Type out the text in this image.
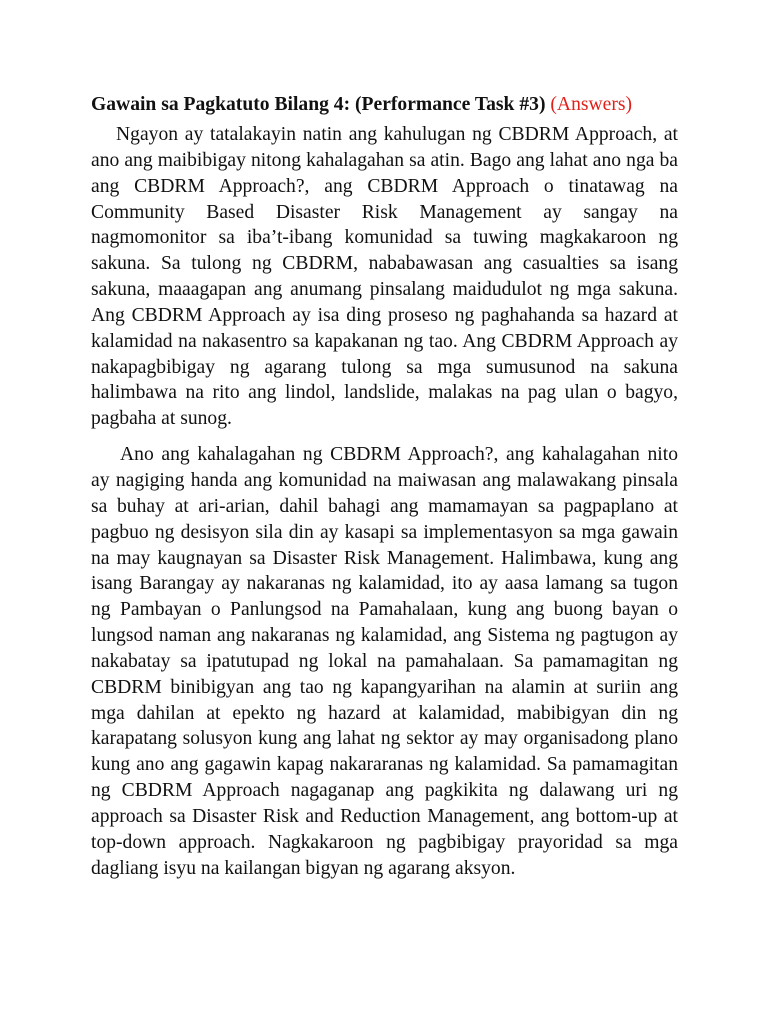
Gawain sa Pagkatuto Bilang 4: (Performance Task #3) (Answers)

Ngayon ay tatalakayin natin ang kahulugan ng CBDRM Approach, at ano ang maibibigay nitong kahalagahan sa atin. Bago ang lahat ano nga ba ang CBDRM Approach?, ang CBDRM Approach o tinatawag na Community Based Disaster Risk Management ay sangay na nagmomonitor sa iba’t-ibang komunidad sa tuwing magkakaroon ng sakuna. Sa tulong ng CBDRM, nababawasan ang casualties sa isang sakuna, maaagapan ang anumang pinsalang maidudulot ng mga sakuna. Ang CBDRM Approach ay isa ding proseso ng paghahanda sa hazard at kalamidad na nakasentro sa kapakanan ng tao. Ang CBDRM Approach ay nakapagbibigay ng agarang tulong sa mga sumusunod na sakuna halimbawa na rito ang lindol, landslide, malakas na pag ulan o bagyo, pagbaha at sunog.

Ano ang kahalagahan ng CBDRM Approach?, ang kahalagahan nito ay nagiging handa ang komunidad na maiwasan ang malawakang pinsala sa buhay at ari-arian, dahil bahagi ang mamamayan sa pagpaplano at pagbuo ng desisyon sila din ay kasapi sa implementasyon sa mga gawain na may kaugnayan sa Disaster Risk Management. Halimbawa, kung ang isang Barangay ay nakaranas ng kalamidad, ito ay aasa lamang sa tugon ng Pambayan o Panlungsod na Pamahalaan, kung ang buong bayan o lungsod naman ang nakaranas ng kalamidad, ang Sistema ng pagtugon ay nakabatay sa ipatutupad ng lokal na pamahalaan. Sa pamamagitan ng CBDRM binibigyan ang tao ng kapangyarihan na alamin at suriin ang mga dahilan at epekto ng hazard at kalamidad, mabibigyan din ng karapatang solusyon kung ang lahat ng sektor ay may organisadong plano kung ano ang gagawin kapag nakararanas ng kalamidad. Sa pamamagitan ng CBDRM Approach nagaganap ang pagkikita ng dalawang uri ng approach sa Disaster Risk and Reduction Management, ang bottom-up at top-down approach. Nagkakaroon ng pagbibigay prayoridad sa mga dagliang isyu na kailangan bigyan ng agarang aksyon.
